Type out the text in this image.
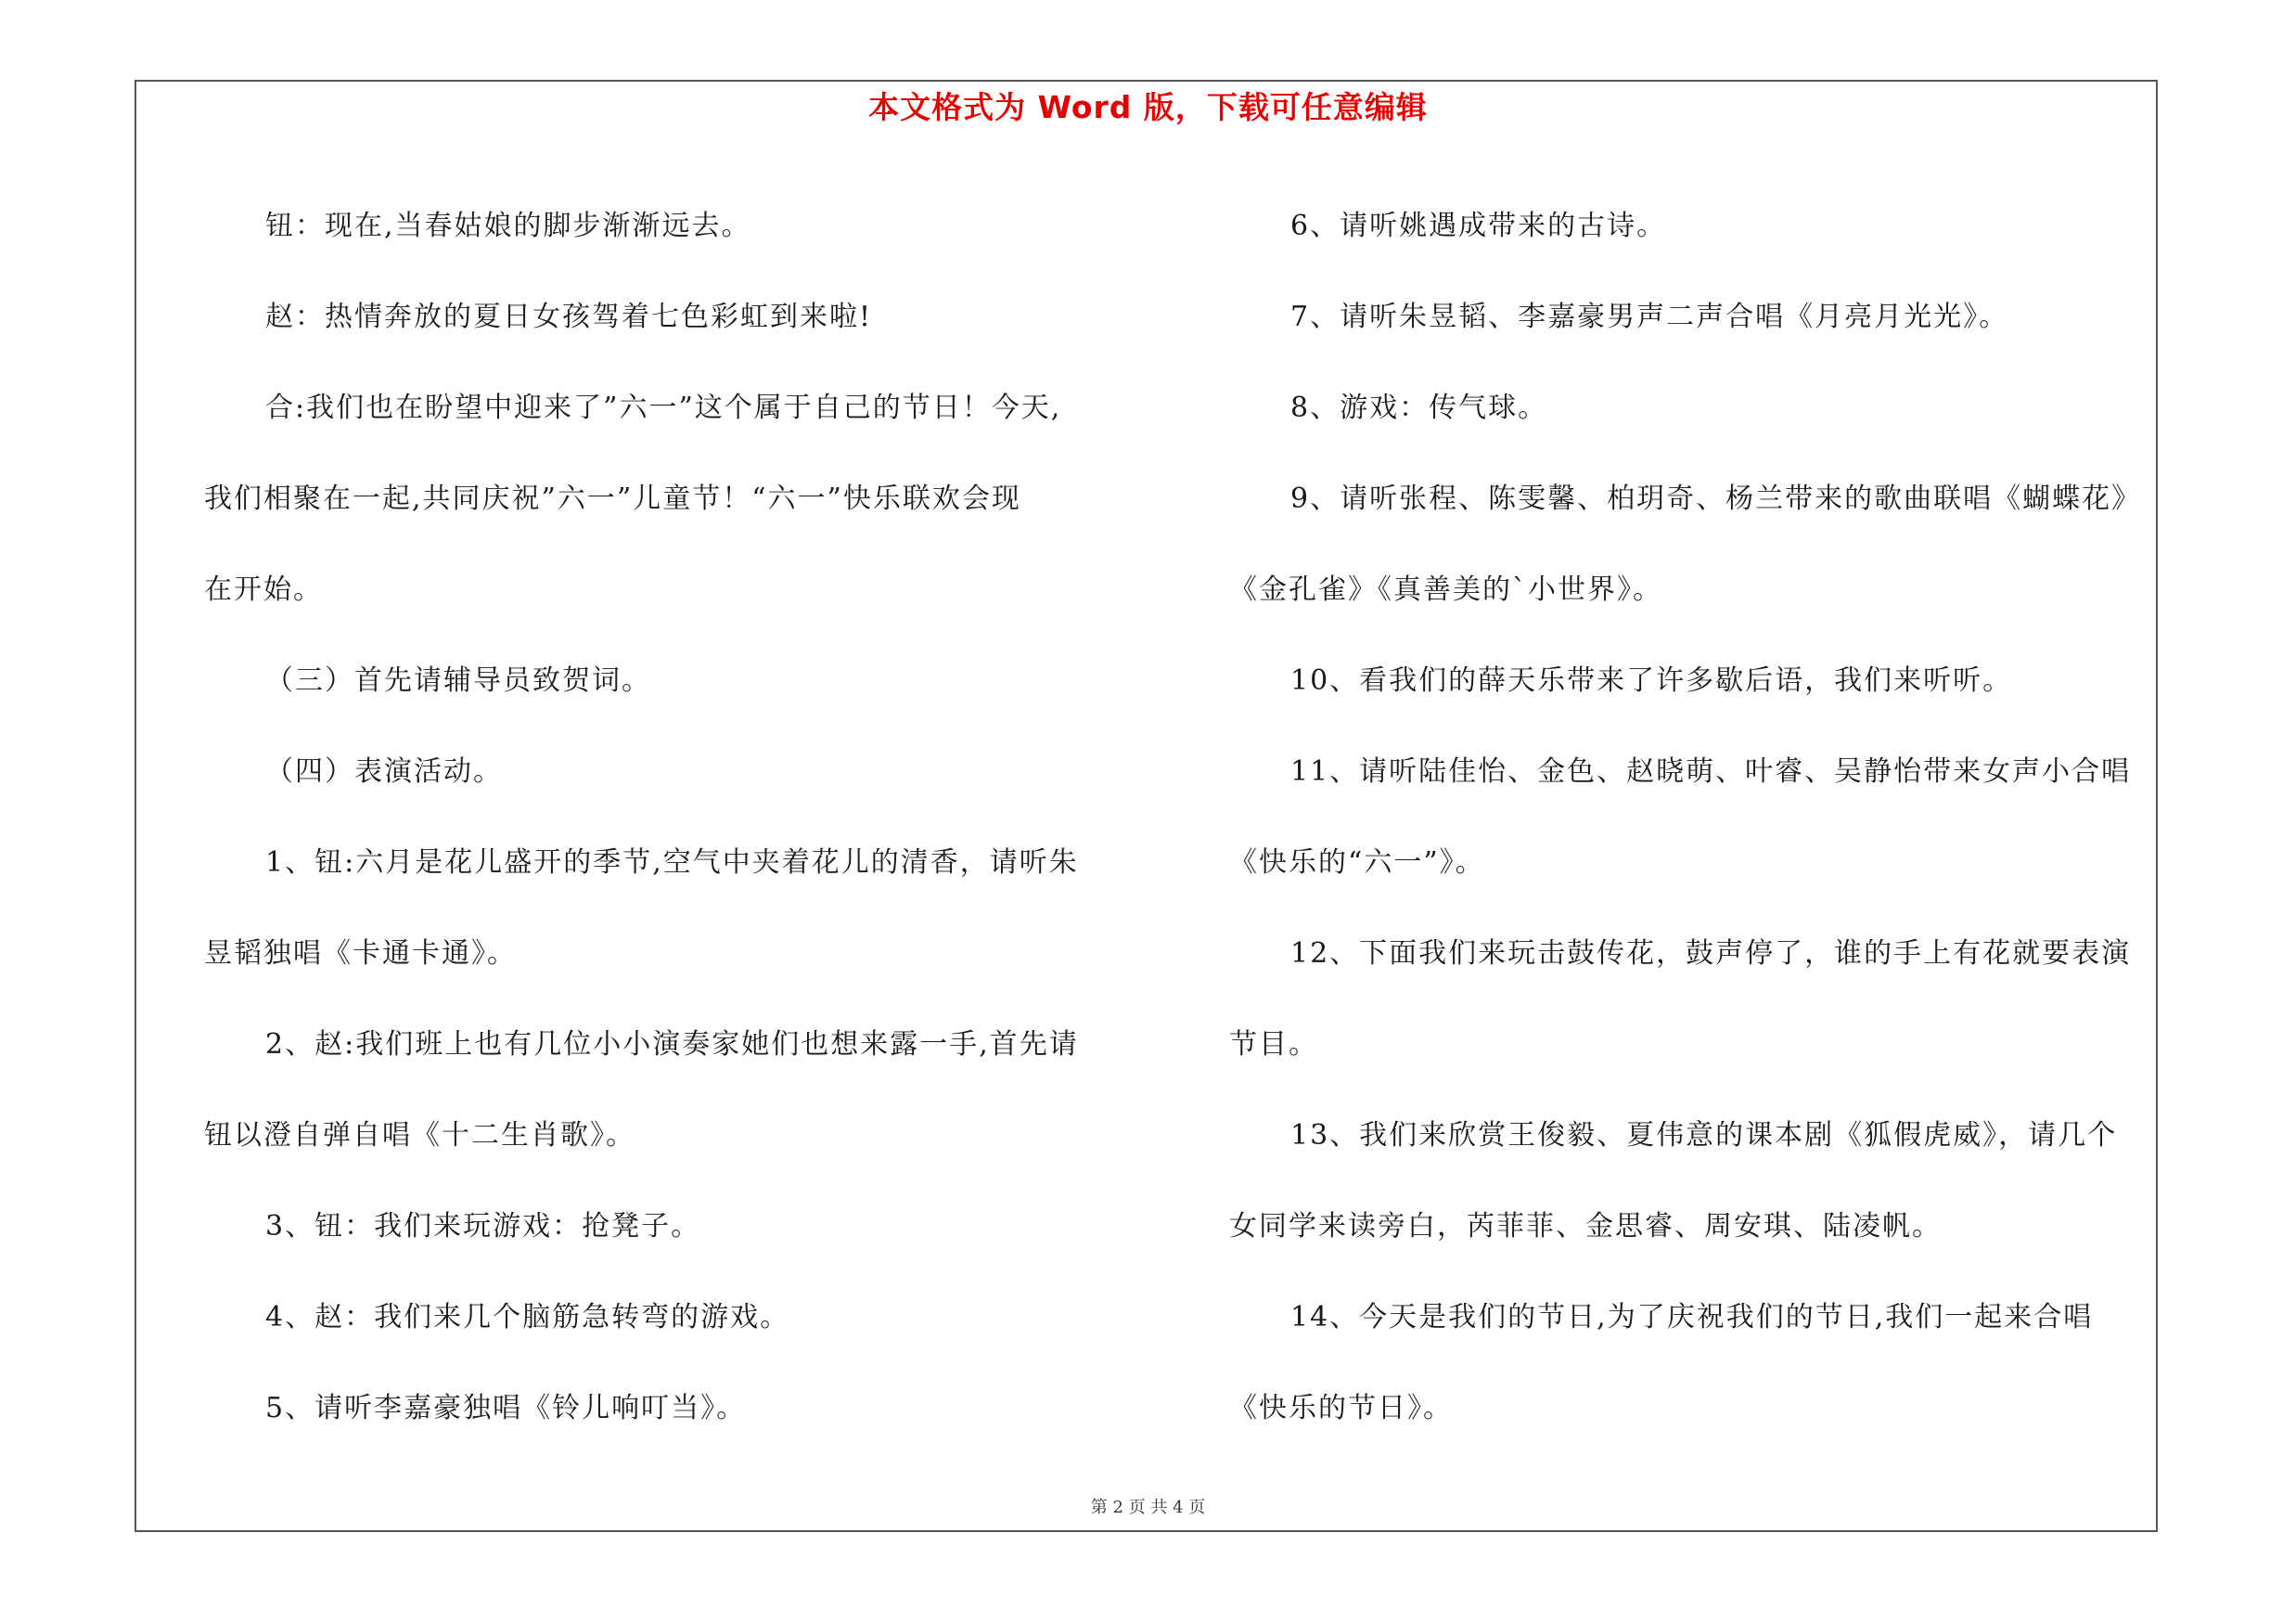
本文格式为 Word 版，下载可任意编辑

钮：现在,当春姑娘的脚步渐渐远去。

赵：热情奔放的夏日女孩驾着七色彩虹到来啦!

合:我们也在盼望中迎来了”六一”这个属于自己的节日！今天,

我们相聚在一起,共同庆祝”六一”儿童节！“六一”快乐联欢会现

在开始。

（三）首先请辅导员致贺词。

（四）表演活动。

1、钮:六月是花儿盛开的季节,空气中夹着花儿的清香，请听朱

昱韬独唱《卡通卡通》。

2、赵:我们班上也有几位小小演奏家她们也想来露一手,首先请

钮以澄自弹自唱《十二生肖歌》。

3、钮：我们来玩游戏：抢凳子。

4、赵：我们来几个脑筋急转弯的游戏。

5、请听李嘉豪独唱《铃儿响叮当》。

6、请听姚遇成带来的古诗。

7、请听朱昱韬、李嘉豪男声二声合唱《月亮月光光》。

8、游戏：传气球。

9、请听张程、陈雯馨、柏玥奇、杨兰带来的歌曲联唱《蝴蝶花》

《金孔雀》《真善美的`小世界》。

10、看我们的薛天乐带来了许多歇后语，我们来听听。

11、请听陆佳怡、金色、赵晓萌、叶睿、吴静怡带来女声小合唱

《快乐的“六一”》。

12、下面我们来玩击鼓传花，鼓声停了，谁的手上有花就要表演

节目。

13、我们来欣赏王俊毅、夏伟意的课本剧《狐假虎威》，请几个

女同学来读旁白，芮菲菲、金思睿、周安琪、陆凌帆。

14、今天是我们的节日,为了庆祝我们的节日,我们一起来合唱

《快乐的节日》。

第 2 页 共 4 页
